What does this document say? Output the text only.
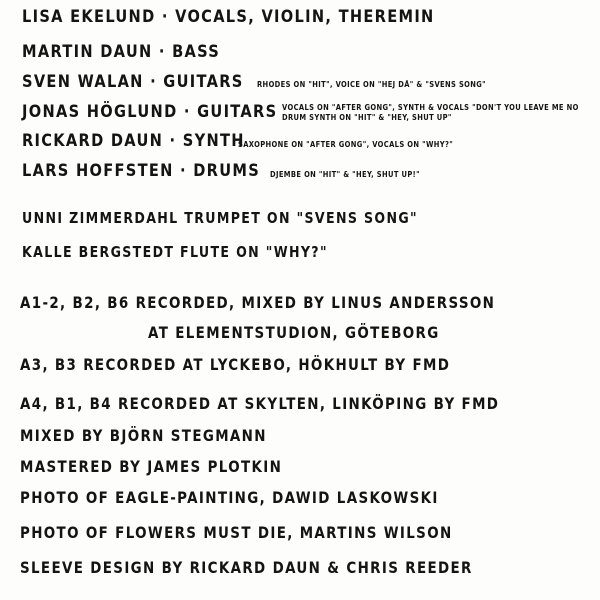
LISA EKELUND · VOCALS, VIOLIN, THEREMIN
MARTIN DAUN · BASS
SVEN WALAN · GUITARS RHODES ON "HIT", VOICE ON "HEJ DÅ" & "SVENS SONG"
JONAS HÖGLUND · GUITARS VOCALS ON "AFTER GONG", SYNTH & VOCALS "DON'T YOU LEAVE ME NO
DRUM SYNTH ON "HIT" & "HEY, SHUT UP"
RICKARD DAUN · SYNTH
SAXOPHONE ON "AFTER GONG", VOCALS ON "WHY?"
LARS HOFFSTEN · DRUMS DJEMBE ON "HIT" & "HEY, SHUT UP!"
UNNI ZIMMERDAHL TRUMPET ON "SVENS SONG"
KALLE BERGSTEDT FLUTE ON "WHY?"
A1-2, B2, B6 RECORDED, MIXED BY LINUS ANDERSSON
AT ELEMENTSTUDION, GÖTEBORG
A3, B3 RECORDED AT LYCKEBO, HÖKHULT BY FMD
A4, B1, B4 RECORDED AT SKYLTEN, LINKÖPING BY FMD
MIXED BY BJÖRN STEGMANN
MASTERED BY JAMES PLOTKIN
PHOTO OF EAGLE-PAINTING, DAWID LASKOWSKI
PHOTO OF FLOWERS MUST DIE, MARTINS WILSON
SLEEVE DESIGN BY RICKARD DAUN & CHRIS REEDER
